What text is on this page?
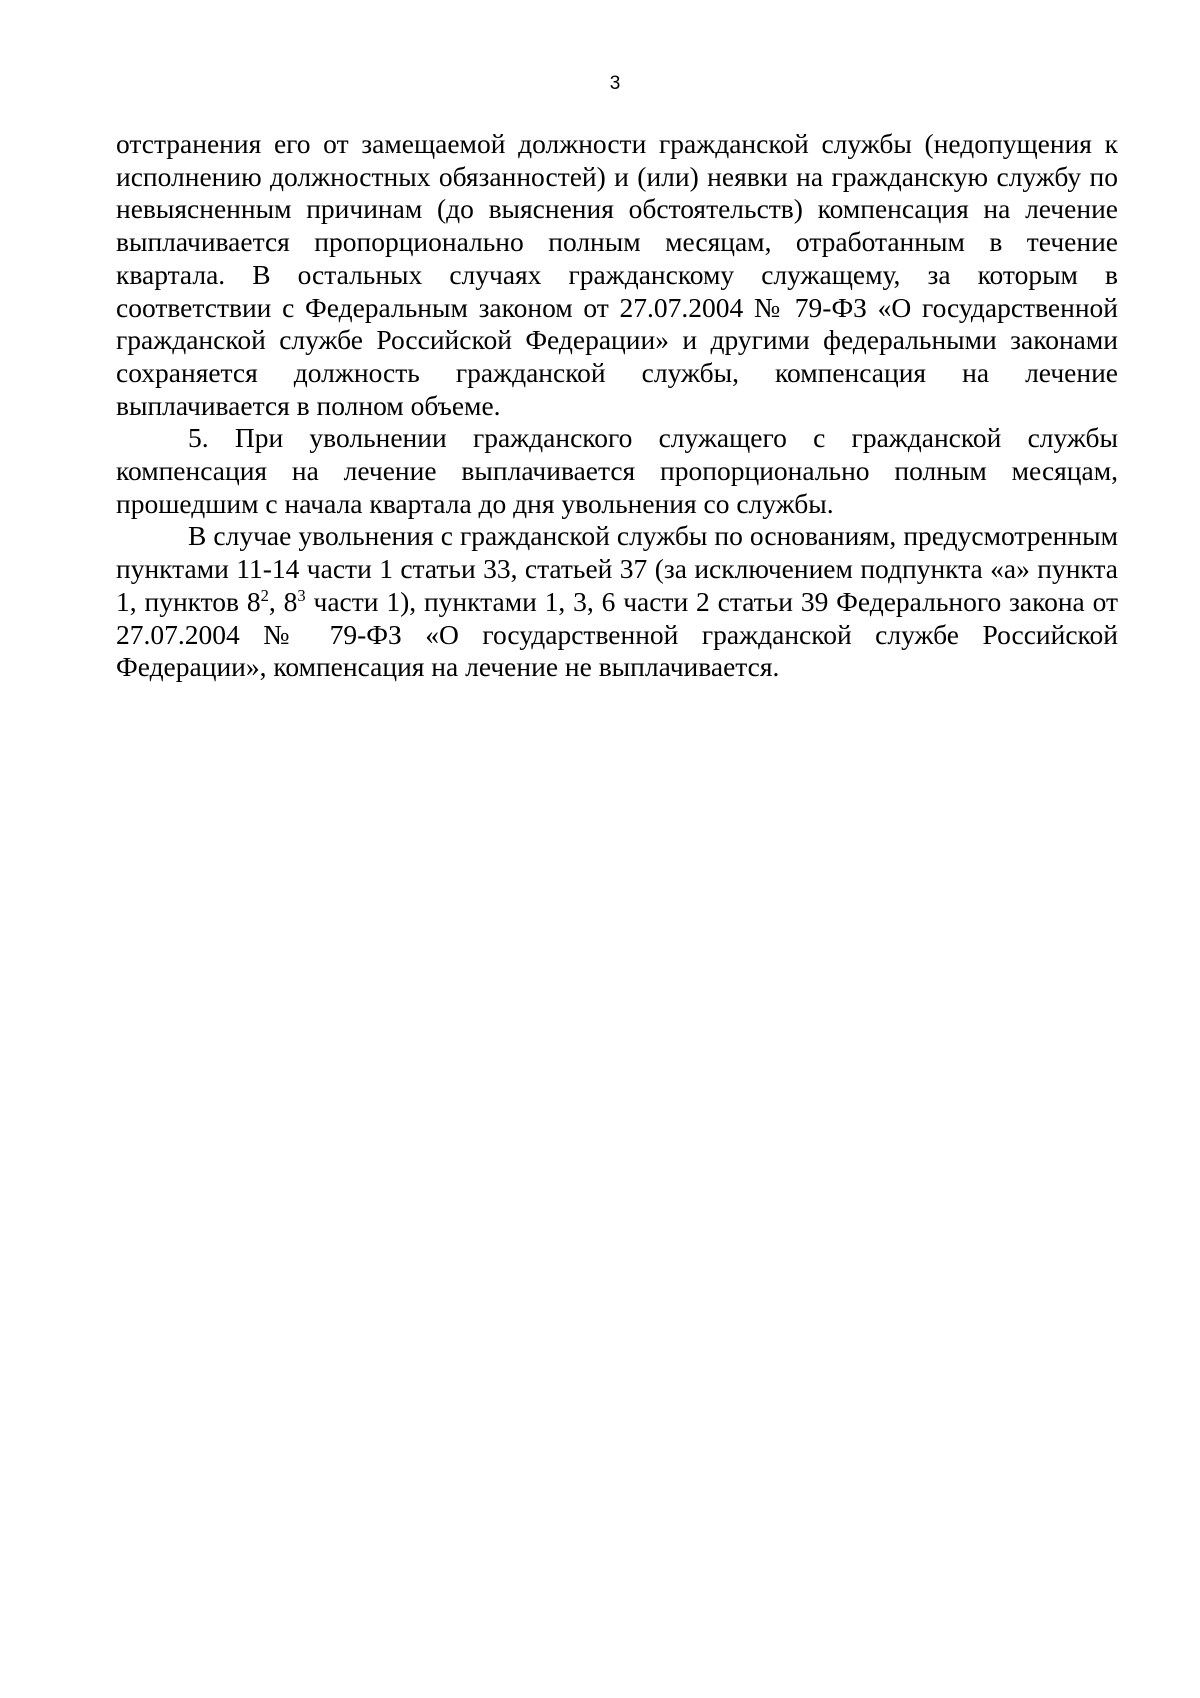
3

отстранения его от замещаемой должности гражданской службы (недопущения к исполнению должностных обязанностей) и (или) неявки на гражданскую службу по невыясненным причинам (до выяснения обстоятельств) компенсация на лечение выплачивается пропорционально полным месяцам, отработанным в течение квартала. В остальных случаях гражданскому служащему, за которым в соответствии с Федеральным законом от 27.07.2004 № 79-ФЗ «О государственной гражданской службе Российской Федерации» и другими федеральными законами сохраняется должность гражданской службы, компенсация на лечение выплачивается в полном объеме.

5. При увольнении гражданского служащего с гражданской службы компенсация на лечение выплачивается пропорционально полным месяцам, прошедшим с начала квартала до дня увольнения со службы.

В случае увольнения с гражданской службы по основаниям, предусмотренным пунктами 11-14 части 1 статьи 33, статьей 37 (за исключением подпункта «а» пункта 1, пунктов $8^2$, $8^3$ части 1), пунктами 1, 3, 6 части 2 статьи 39 Федерального закона от 27.07.2004 № 79-ФЗ «О государственной гражданской службе Российской Федерации», компенсация на лечение не выплачивается.
